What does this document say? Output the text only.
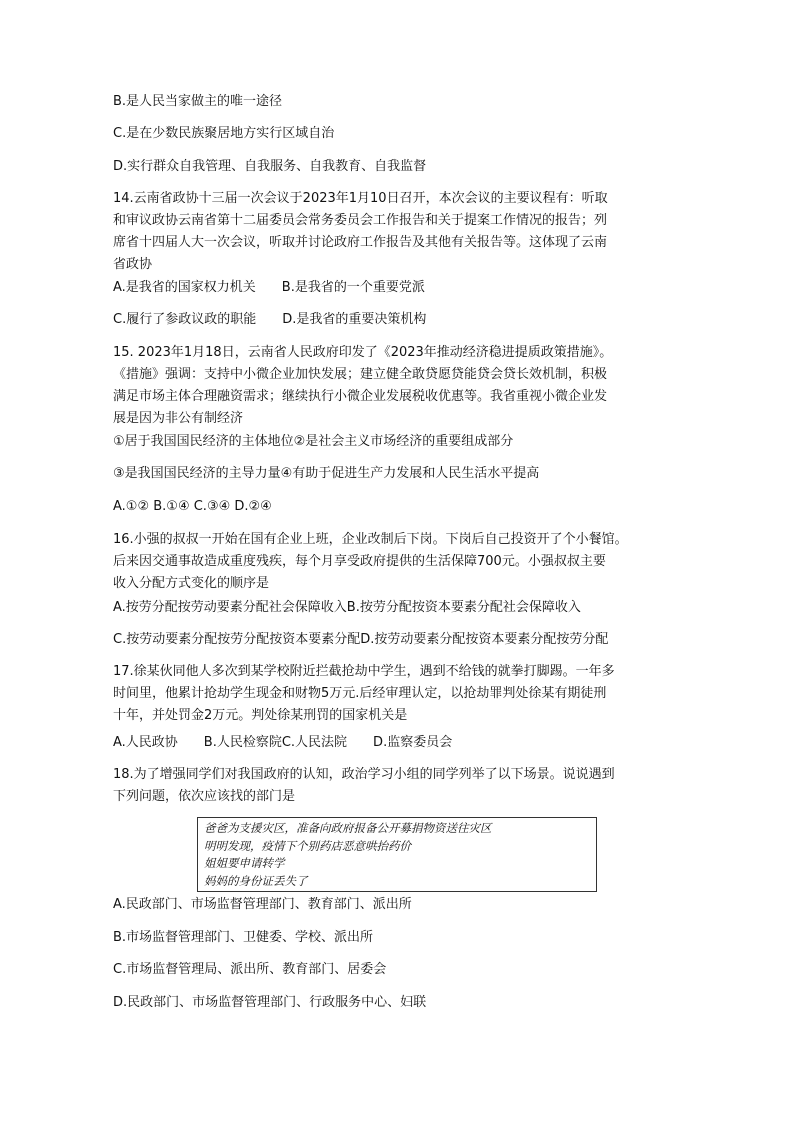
B.是人民当家做主的唯一途径
C.是在少数民族聚居地方实行区域自治
D.实行群众自我管理、自我服务、自我教育、自我监督
14.云南省政协十三届一次会议于2023年1月10日召开，本次会议的主要议程有：听取
和审议政协云南省第十二届委员会常务委员会工作报告和关于提案工作情况的报告；列
席省十四届人大一次会议，听取并讨论政府工作报告及其他有关报告等。这体现了云南
省政协
A.是我省的国家权力机关　　B.是我省的一个重要党派
C.履行了参政议政的职能　　D.是我省的重要决策机构
15. 2023年1月18日，云南省人民政府印发了《2023年推动经济稳进提质政策措施》。
《措施》强调：支持中小微企业加快发展；建立健全敢贷愿贷能贷会贷长效机制，积极
满足市场主体合理融资需求；继续执行小微企业发展税收优惠等。我省重视小微企业发
展是因为非公有制经济
①居于我国国民经济的主体地位②是社会主义市场经济的重要组成部分
③是我国国民经济的主导力量④有助于促进生产力发展和人民生活水平提高
A.①② B.①④ C.③④ D.②④
16.小强的叔叔一开始在国有企业上班，企业改制后下岗。下岗后自己投资开了个小餐馆。
后来因交通事故造成重度残疾，每个月享受政府提供的生活保障700元。小强叔叔主要
收入分配方式变化的顺序是
A.按劳分配按劳动要素分配社会保障收入B.按劳分配按资本要素分配社会保障收入
C.按劳动要素分配按劳分配按资本要素分配D.按劳动要素分配按资本要素分配按劳分配
17.徐某伙同他人多次到某学校附近拦截抢劫中学生，遇到不给钱的就拳打脚踢。一年多
时间里，他累计抢劫学生现金和财物5万元.后经审理认定，以抢劫罪判处徐某有期徒刑
十年，并处罚金2万元。判处徐某刑罚的国家机关是
A.人民政协　　B.人民检察院C.人民法院　　D.监察委员会
18.为了增强同学们对我国政府的认知，政治学习小组的同学列举了以下场景。说说遇到
下列问题，依次应该找的部门是
爸爸为支援灾区，准备向政府报备公开募捐物资送往灾区
明明发现，疫情下个别药店恶意哄抬药价
姐姐要申请转学
妈妈的身份证丢失了
A.民政部门、市场监督管理部门、教育部门、派出所
B.市场监督管理部门、卫健委、学校、派出所
C.市场监督管理局、派出所、教育部门、居委会
D.民政部门、市场监督管理部门、行政服务中心、妇联
